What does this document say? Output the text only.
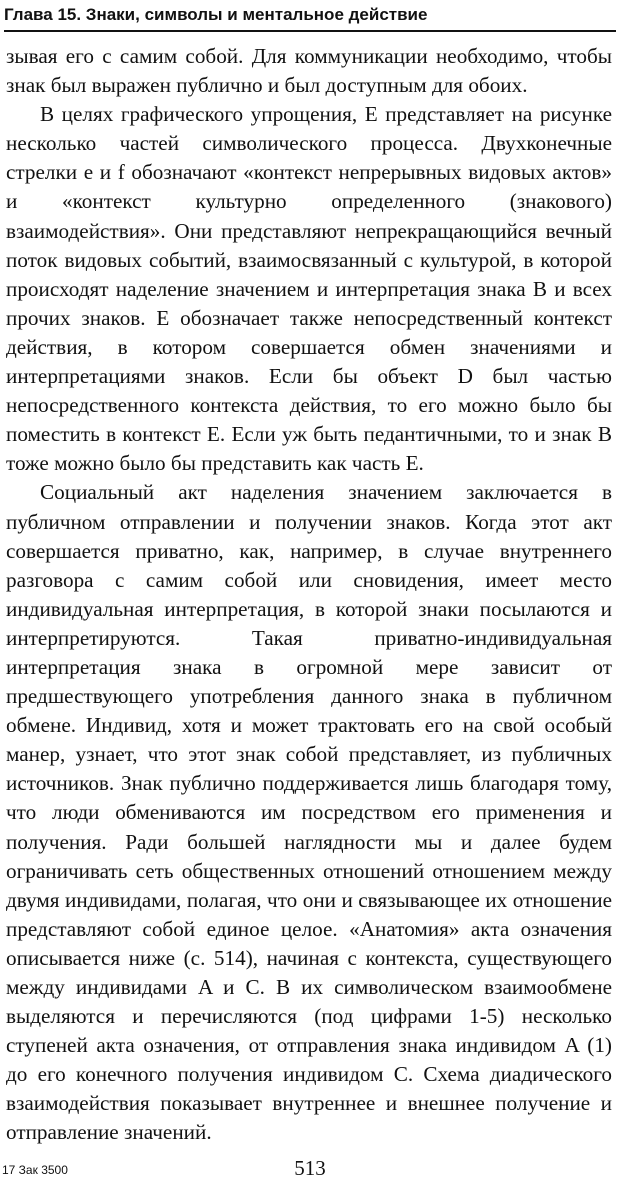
Глава 15. Знаки, символы и ментальное действие

зывая его с самим собой. Для коммуникации необходимо, чтобы знак был выражен публично и был доступным для обоих.

В целях графического упрощения, E представляет на рисунке несколько частей символического процесса. Двухконечные стрелки e и f обозначают «контекст непрерывных видовых актов» и «контекст культурно определенного (знакового) взаимодействия». Они представляют непрекращающийся вечный поток видовых событий, взаимосвязанный с культурой, в которой происходят наделение значением и интерпретация знака B и всех прочих знаков. E обозначает также непосредственный контекст действия, в котором совершается обмен значениями и интерпретациями знаков. Если бы объект D был частью непосредственного контекста действия, то его можно было бы поместить в контекст E. Если уж быть педантичными, то и знак B тоже можно было бы представить как часть E.

Социальный акт наделения значением заключается в публичном отправлении и получении знаков. Когда этот акт совершается приватно, как, например, в случае внутреннего разговора с самим собой или сновидения, имеет место индивидуальная интерпретация, в которой знаки посылаются и интерпретируются. Такая приватно-индивидуальная интерпретация знака в огромной мере зависит от предшествующего употребления данного знака в публичном обмене. Индивид, хотя и может трактовать его на свой особый манер, узнает, что этот знак собой представляет, из публичных источников. Знак публично поддерживается лишь благодаря тому, что люди обмениваются им посредством его применения и получения. Ради большей наглядности мы и далее будем ограничивать сеть общественных отношений отношением между двумя индивидами, полагая, что они и связывающее их отношение представляют собой единое целое. «Анатомия» акта означения описывается ниже (с. 514), начиная с контекста, существующего между индивидами A и C. В их символическом взаимообмене выделяются и перечисляются (под цифрами 1-5) несколько ступеней акта означения, от отправления знака индивидом A (1) до его конечного получения индивидом C. Схема диадического взаимодействия показывает внутреннее и внешнее получение и отправление значений.

17 Зак 3500	513
